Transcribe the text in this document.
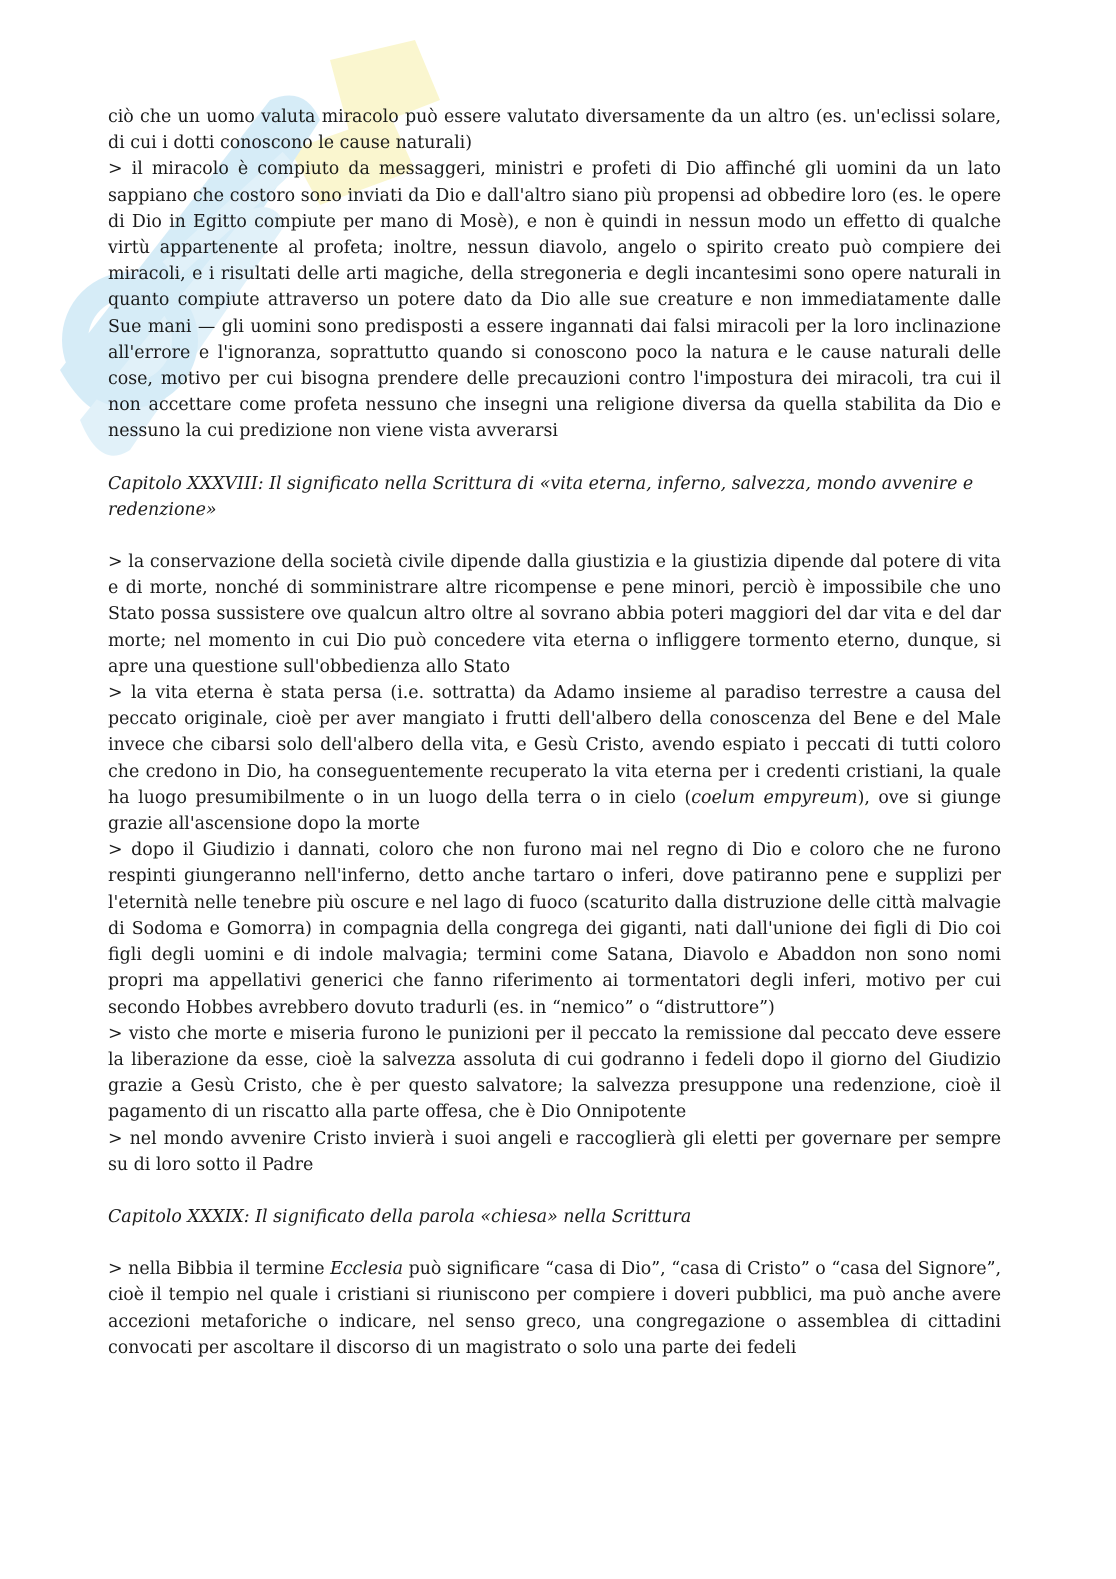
ciò che un uomo valuta miracolo può essere valutato diversamente da un altro (es. un'eclissi solare, di cui i dotti conoscono le cause naturali)

> il miracolo è compiuto da messaggeri, ministri e profeti di Dio affinché gli uomini da un lato sappiano che costoro sono inviati da Dio e dall'altro siano più propensi ad obbedire loro (es. le opere di Dio in Egitto compiute per mano di Mosè), e non è quindi in nessun modo un effetto di qualche virtù appartenente al profeta; inoltre, nessun diavolo, angelo o spirito creato può compiere dei miracoli, e i risultati delle arti magiche, della stregoneria e degli incantesimi sono opere naturali in quanto compiute attraverso un potere dato da Dio alle sue creature e non immediatamente dalle Sue mani — gli uomini sono predisposti a essere ingannati dai falsi miracoli per la loro inclinazione all'errore e l'ignoranza, soprattutto quando si conoscono poco la natura e le cause naturali delle cose, motivo per cui bisogna prendere delle precauzioni contro l'impostura dei miracoli, tra cui il non accettare come profeta nessuno che insegni una religione diversa da quella stabilita da Dio e nessuno la cui predizione non viene vista avverarsi

Capitolo XXXVIII: Il significato nella Scrittura di «vita eterna, inferno, salvezza, mondo avvenire e redenzione»

> la conservazione della società civile dipende dalla giustizia e la giustizia dipende dal potere di vita e di morte, nonché di somministrare altre ricompense e pene minori, perciò è impossibile che uno Stato possa sussistere ove qualcun altro oltre al sovrano abbia poteri maggiori del dar vita e del dar morte; nel momento in cui Dio può concedere vita eterna o infliggere tormento eterno, dunque, si apre una questione sull'obbedienza allo Stato

> la vita eterna è stata persa (i.e. sottratta) da Adamo insieme al paradiso terrestre a causa del peccato originale, cioè per aver mangiato i frutti dell'albero della conoscenza del Bene e del Male invece che cibarsi solo dell'albero della vita, e Gesù Cristo, avendo espiato i peccati di tutti coloro che credono in Dio, ha conseguentemente recuperato la vita eterna per i credenti cristiani, la quale ha luogo presumibilmente o in un luogo della terra o in cielo (coelum empyreum), ove si giunge grazie all'ascensione dopo la morte

> dopo il Giudizio i dannati, coloro che non furono mai nel regno di Dio e coloro che ne furono respinti giungeranno nell'inferno, detto anche tartaro o inferi, dove patiranno pene e supplizi per l'eternità nelle tenebre più oscure e nel lago di fuoco (scaturito dalla distruzione delle città malvagie di Sodoma e Gomorra) in compagnia della congrega dei giganti, nati dall'unione dei figli di Dio coi figli degli uomini e di indole malvagia; termini come Satana, Diavolo e Abaddon non sono nomi propri ma appellativi generici che fanno riferimento ai tormentatori degli inferi, motivo per cui secondo Hobbes avrebbero dovuto tradurli (es. in “nemico” o “distruttore”)

> visto che morte e miseria furono le punizioni per il peccato la remissione dal peccato deve essere la liberazione da esse, cioè la salvezza assoluta di cui godranno i fedeli dopo il giorno del Giudizio grazie a Gesù Cristo, che è per questo salvatore; la salvezza presuppone una redenzione, cioè il pagamento di un riscatto alla parte offesa, che è Dio Onnipotente

> nel mondo avvenire Cristo invierà i suoi angeli e raccoglierà gli eletti per governare per sempre su di loro sotto il Padre

Capitolo XXXIX: Il significato della parola «chiesa» nella Scrittura

> nella Bibbia il termine Ecclesia può significare “casa di Dio”, “casa di Cristo” o “casa del Signore”, cioè il tempio nel quale i cristiani si riuniscono per compiere i doveri pubblici, ma può anche avere accezioni metaforiche o indicare, nel senso greco, una congregazione o assemblea di cittadini convocati per ascoltare il discorso di un magistrato o solo una parte dei fedeli
